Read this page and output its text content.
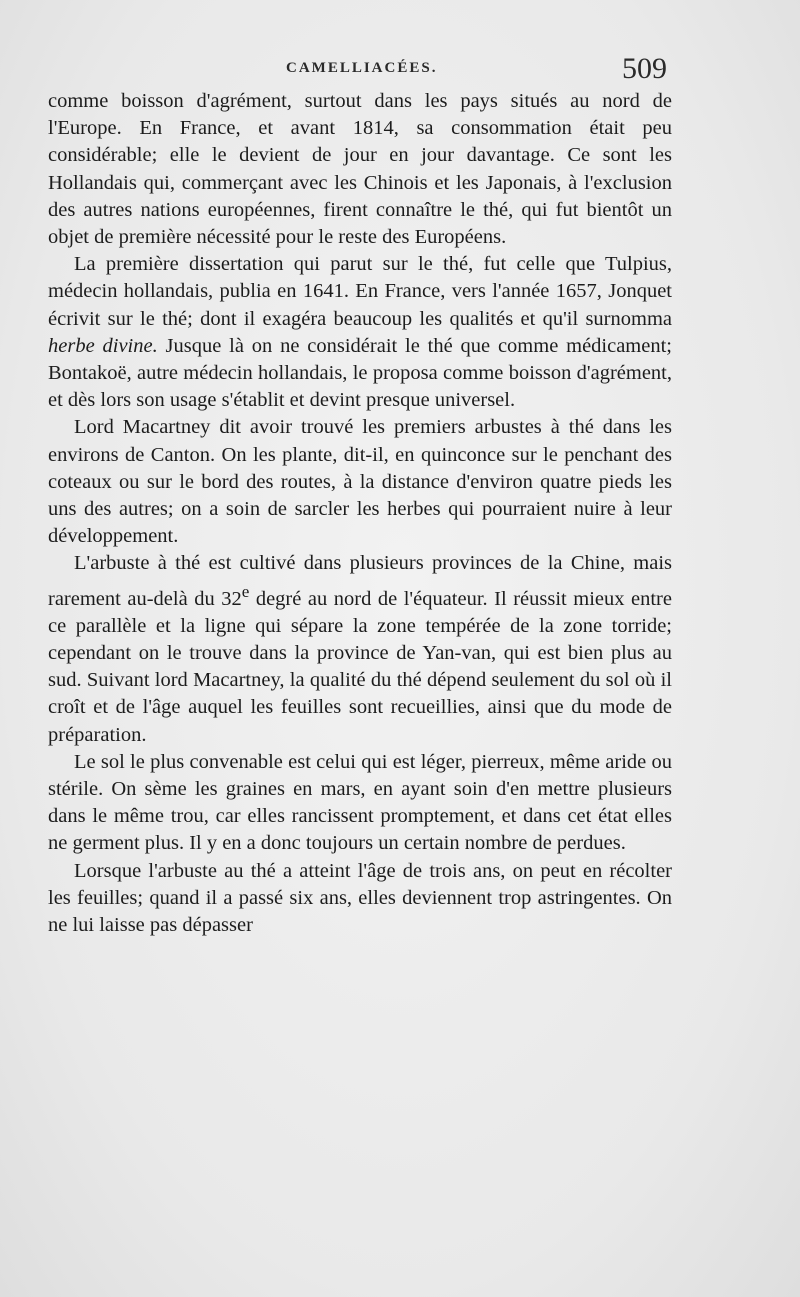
CAMELLIACÉES.	509

comme boisson d'agrément, surtout dans les pays situés au nord de l'Europe. En France, et avant 1814, sa consommation était peu considérable; elle le devient de jour en jour davantage. Ce sont les Hollandais qui, commerçant avec les Chinois et les Japonais, à l'exclusion des autres nations européennes, firent connaître le thé, qui fut bientôt un objet de première nécessité pour le reste des Européens.

La première dissertation qui parut sur le thé, fut celle que Tulpius, médecin hollandais, publia en 1641. En France, vers l'année 1657, Jonquet écrivit sur le thé; dont il exagéra beaucoup les qualités et qu'il surnomma herbe divine. Jusque là on ne considérait le thé que comme médicament; Bontakoë, autre médecin hollandais, le proposa comme boisson d'agrément, et dès lors son usage s'établit et devint presque universel.

Lord Macartney dit avoir trouvé les premiers arbustes à thé dans les environs de Canton. On les plante, dit-il, en quinconce sur le penchant des coteaux ou sur le bord des routes, à la distance d'environ quatre pieds les uns des autres; on a soin de sarcler les herbes qui pourraient nuire à leur développement.

L'arbuste à thé est cultivé dans plusieurs provinces de la Chine, mais rarement au-delà du 32e degré au nord de l'équateur. Il réussit mieux entre ce parallèle et la ligne qui sépare la zone tempérée de la zone torride; cependant on le trouve dans la province de Yan-van, qui est bien plus au sud. Suivant lord Macartney, la qualité du thé dépend seulement du sol où il croît et de l'âge auquel les feuilles sont recueillies, ainsi que du mode de préparation.

Le sol le plus convenable est celui qui est léger, pierreux, même aride ou stérile. On sème les graines en mars, en ayant soin d'en mettre plusieurs dans le même trou, car elles rancissent promptement, et dans cet état elles ne germent plus. Il y en a donc toujours un certain nombre de perdues.

Lorsque l'arbuste au thé a atteint l'âge de trois ans, on peut en récolter les feuilles; quand il a passé six ans, elles deviennent trop astringentes. On ne lui laisse pas dépasser
